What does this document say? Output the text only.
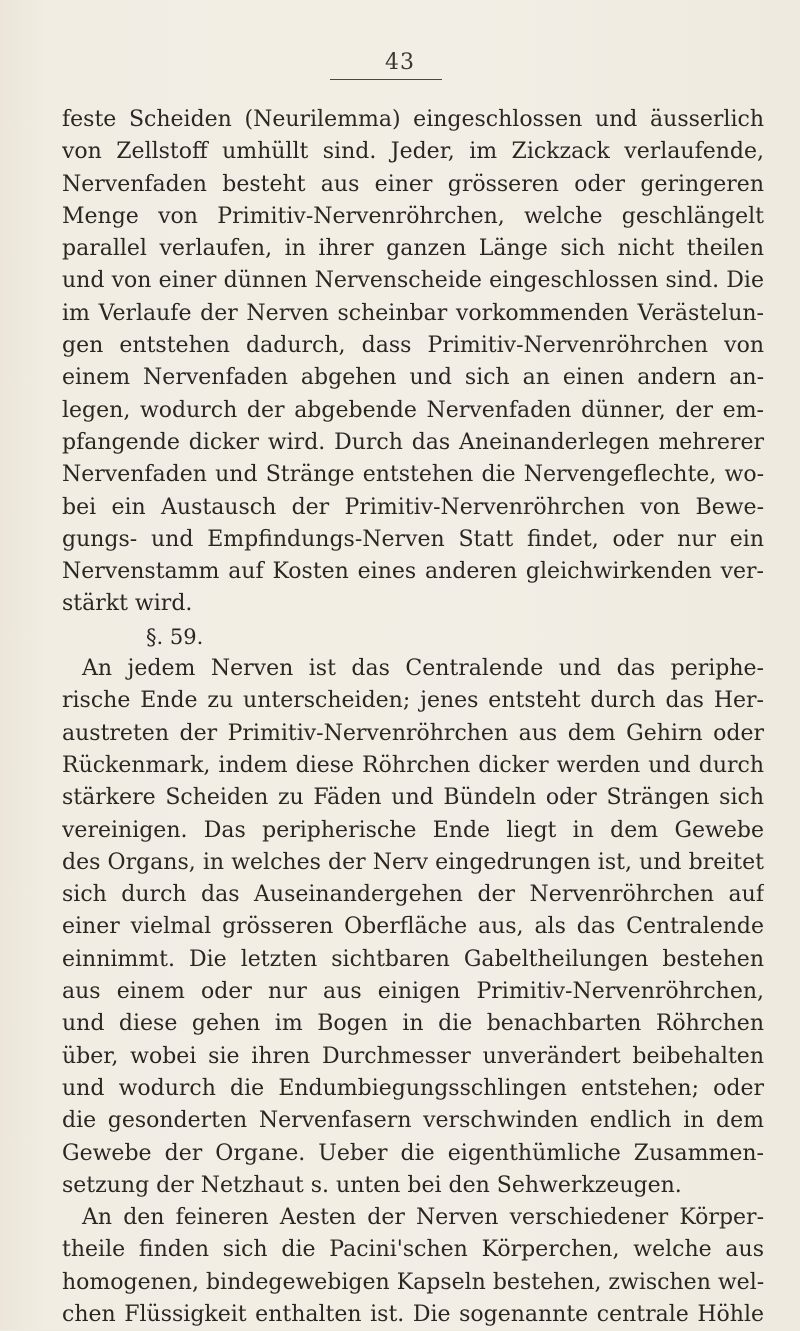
43
feste Scheiden (Neurilemma) eingeschlossen und äusserlich
von Zellstoff umhüllt sind. Jeder, im Zickzack verlaufende,
Nervenfaden besteht aus einer grösseren oder geringeren
Menge von Primitiv-Nervenröhrchen, welche geschlängelt
parallel verlaufen, in ihrer ganzen Länge sich nicht theilen
und von einer dünnen Nervenscheide eingeschlossen sind. Die
im Verlaufe der Nerven scheinbar vorkommenden Verästelun-
gen entstehen dadurch, dass Primitiv-Nervenröhrchen von
einem Nervenfaden abgehen und sich an einen andern an-
legen, wodurch der abgebende Nervenfaden dünner, der em-
pfangende dicker wird. Durch das Aneinanderlegen mehrerer
Nervenfaden und Stränge entstehen die Nervengeflechte, wo-
bei ein Austausch der Primitiv-Nervenröhrchen von Bewe-
gungs- und Empfindungs-Nerven Statt findet, oder nur ein
Nervenstamm auf Kosten eines anderen gleichwirkenden ver-
stärkt wird.
§. 59.
An jedem Nerven ist das Centralende und das periphe-
rische Ende zu unterscheiden; jenes entsteht durch das Her-
austreten der Primitiv-Nervenröhrchen aus dem Gehirn oder
Rückenmark, indem diese Röhrchen dicker werden und durch
stärkere Scheiden zu Fäden und Bündeln oder Strängen sich
vereinigen. Das peripherische Ende liegt in dem Gewebe
des Organs, in welches der Nerv eingedrungen ist, und breitet
sich durch das Auseinandergehen der Nervenröhrchen auf
einer vielmal grösseren Oberfläche aus, als das Centralende
einnimmt. Die letzten sichtbaren Gabeltheilungen bestehen
aus einem oder nur aus einigen Primitiv-Nervenröhrchen,
und diese gehen im Bogen in die benachbarten Röhrchen
über, wobei sie ihren Durchmesser unverändert beibehalten
und wodurch die Endumbiegungsschlingen entstehen; oder
die gesonderten Nervenfasern verschwinden endlich in dem
Gewebe der Organe. Ueber die eigenthümliche Zusammen-
setzung der Netzhaut s. unten bei den Sehwerkzeugen.
An den feineren Aesten der Nerven verschiedener Körper-
theile finden sich die Pacini'schen Körperchen, welche aus
homogenen, bindegewebigen Kapseln bestehen, zwischen wel-
chen Flüssigkeit enthalten ist. Die sogenannte centrale Höhle
